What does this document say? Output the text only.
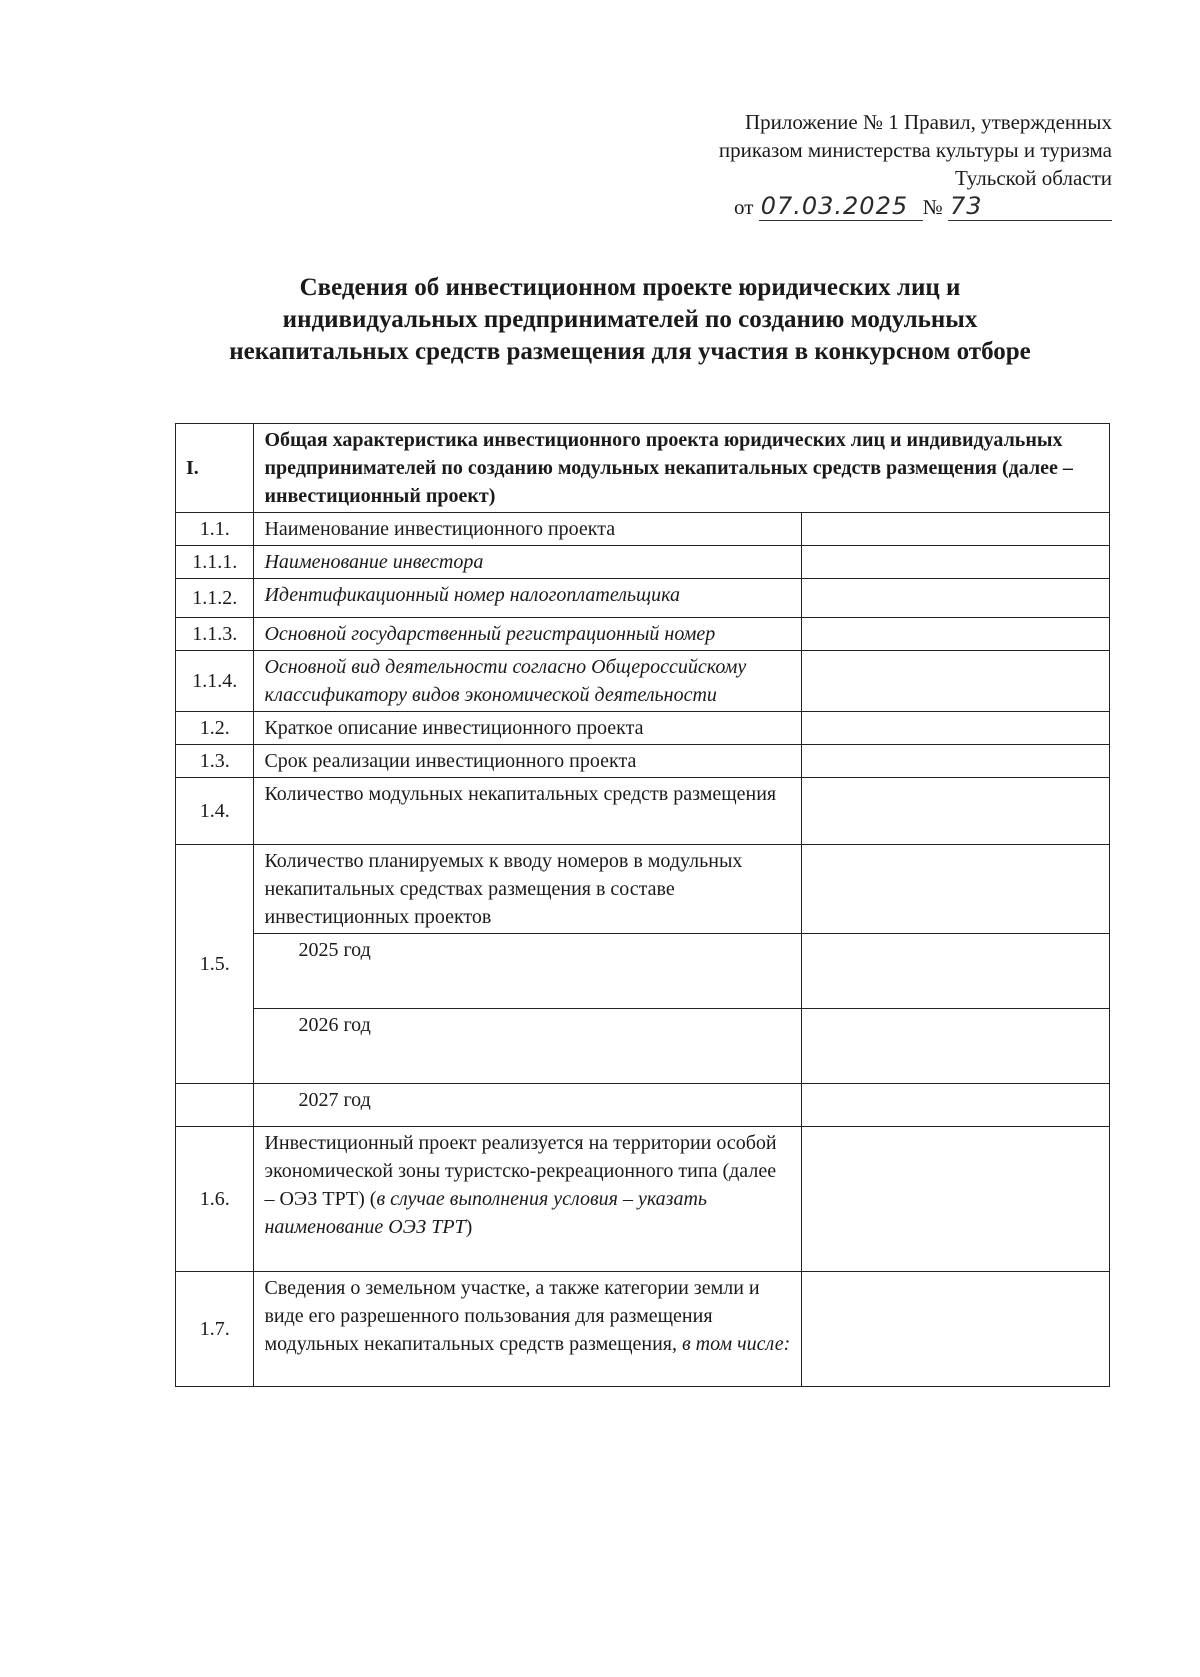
Приложение № 1 Правил, утвержденных
приказом министерства культуры и туризма
Тульской области
от 07.03.2025 № 73
Сведения об инвестиционном проекте юридических лиц и
индивидуальных предпринимателей по созданию модульных
некапитальных средств размещения для участия в конкурсном отборе
I.	Общая характеристика инвестиционного проекта юридических лиц и индивидуальных предпринимателей по созданию модульных некапитальных средств размещения (далее – инвестиционный проект)	
1.1.	Наименование инвестиционного проекта	
1.1.1.	Наименование инвестора	
1.1.2.	Идентификационный номер налогоплательщика	
1.1.3.	Основной государственный регистрационный номер	
1.1.4.	Основной вид деятельности согласно Общероссийскому классификатору видов экономической деятельности	
1.2.	Краткое описание инвестиционного проекта	
1.3.	Срок реализации инвестиционного проекта	
1.4.	Количество модульных некапитальных средств размещения	
1.5.	Количество планируемых к вводу номеров в модульных некапитальных средствах размещения в составе инвестиционных проектов	
	2025 год	
	2026 год	
	2027 год	
1.6.	Инвестиционный проект реализуется на территории особой экономической зоны туристско-рекреационного типа (далее – ОЭЗ ТРТ) (в случае выполнения условия – указать наименование ОЭЗ ТРТ)	
1.7.	Сведения о земельном участке, а также категории земли и виде его разрешенного пользования для размещения модульных некапитальных средств размещения, в том числе:	
